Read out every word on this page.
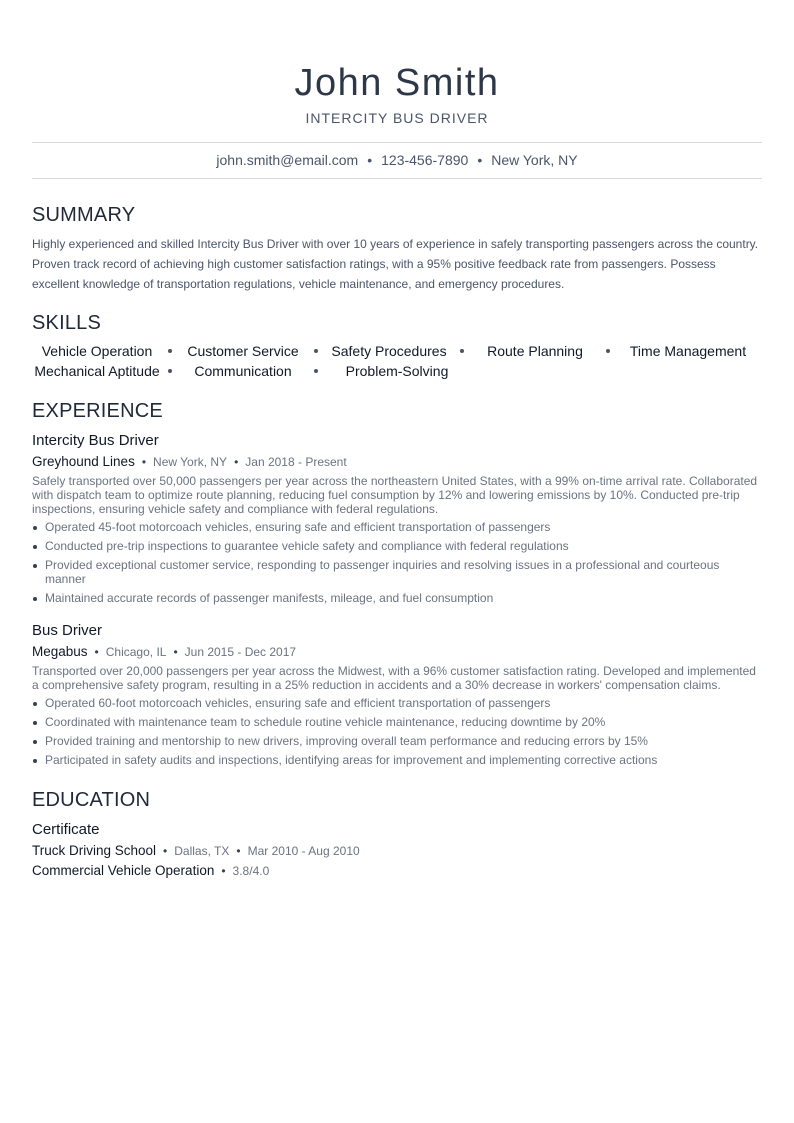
John Smith
INTERCITY BUS DRIVER
john.smith@email.com • 123-456-7890 • New York, NY
SUMMARY
Highly experienced and skilled Intercity Bus Driver with over 10 years of experience in safely transporting passengers across the country. Proven track record of achieving high customer satisfaction ratings, with a 95% positive feedback rate from passengers. Possess excellent knowledge of transportation regulations, vehicle maintenance, and emergency procedures.
SKILLS
Vehicle Operation	Customer Service	Safety Procedures	Route Planning	Time Management
Mechanical Aptitude	Communication	Problem-Solving
EXPERIENCE
Intercity Bus Driver
Greyhound Lines • New York, NY • Jan 2018 - Present
Safely transported over 50,000 passengers per year across the northeastern United States, with a 99% on-time arrival rate. Collaborated with dispatch team to optimize route planning, reducing fuel consumption by 12% and lowering emissions by 10%. Conducted pre-trip inspections, ensuring vehicle safety and compliance with federal regulations.
Operated 45-foot motorcoach vehicles, ensuring safe and efficient transportation of passengers
Conducted pre-trip inspections to guarantee vehicle safety and compliance with federal regulations
Provided exceptional customer service, responding to passenger inquiries and resolving issues in a professional and courteous manner
Maintained accurate records of passenger manifests, mileage, and fuel consumption
Bus Driver
Megabus • Chicago, IL • Jun 2015 - Dec 2017
Transported over 20,000 passengers per year across the Midwest, with a 96% customer satisfaction rating. Developed and implemented a comprehensive safety program, resulting in a 25% reduction in accidents and a 30% decrease in workers' compensation claims.
Operated 60-foot motorcoach vehicles, ensuring safe and efficient transportation of passengers
Coordinated with maintenance team to schedule routine vehicle maintenance, reducing downtime by 20%
Provided training and mentorship to new drivers, improving overall team performance and reducing errors by 15%
Participated in safety audits and inspections, identifying areas for improvement and implementing corrective actions
EDUCATION
Certificate
Truck Driving School • Dallas, TX • Mar 2010 - Aug 2010
Commercial Vehicle Operation • 3.8/4.0
